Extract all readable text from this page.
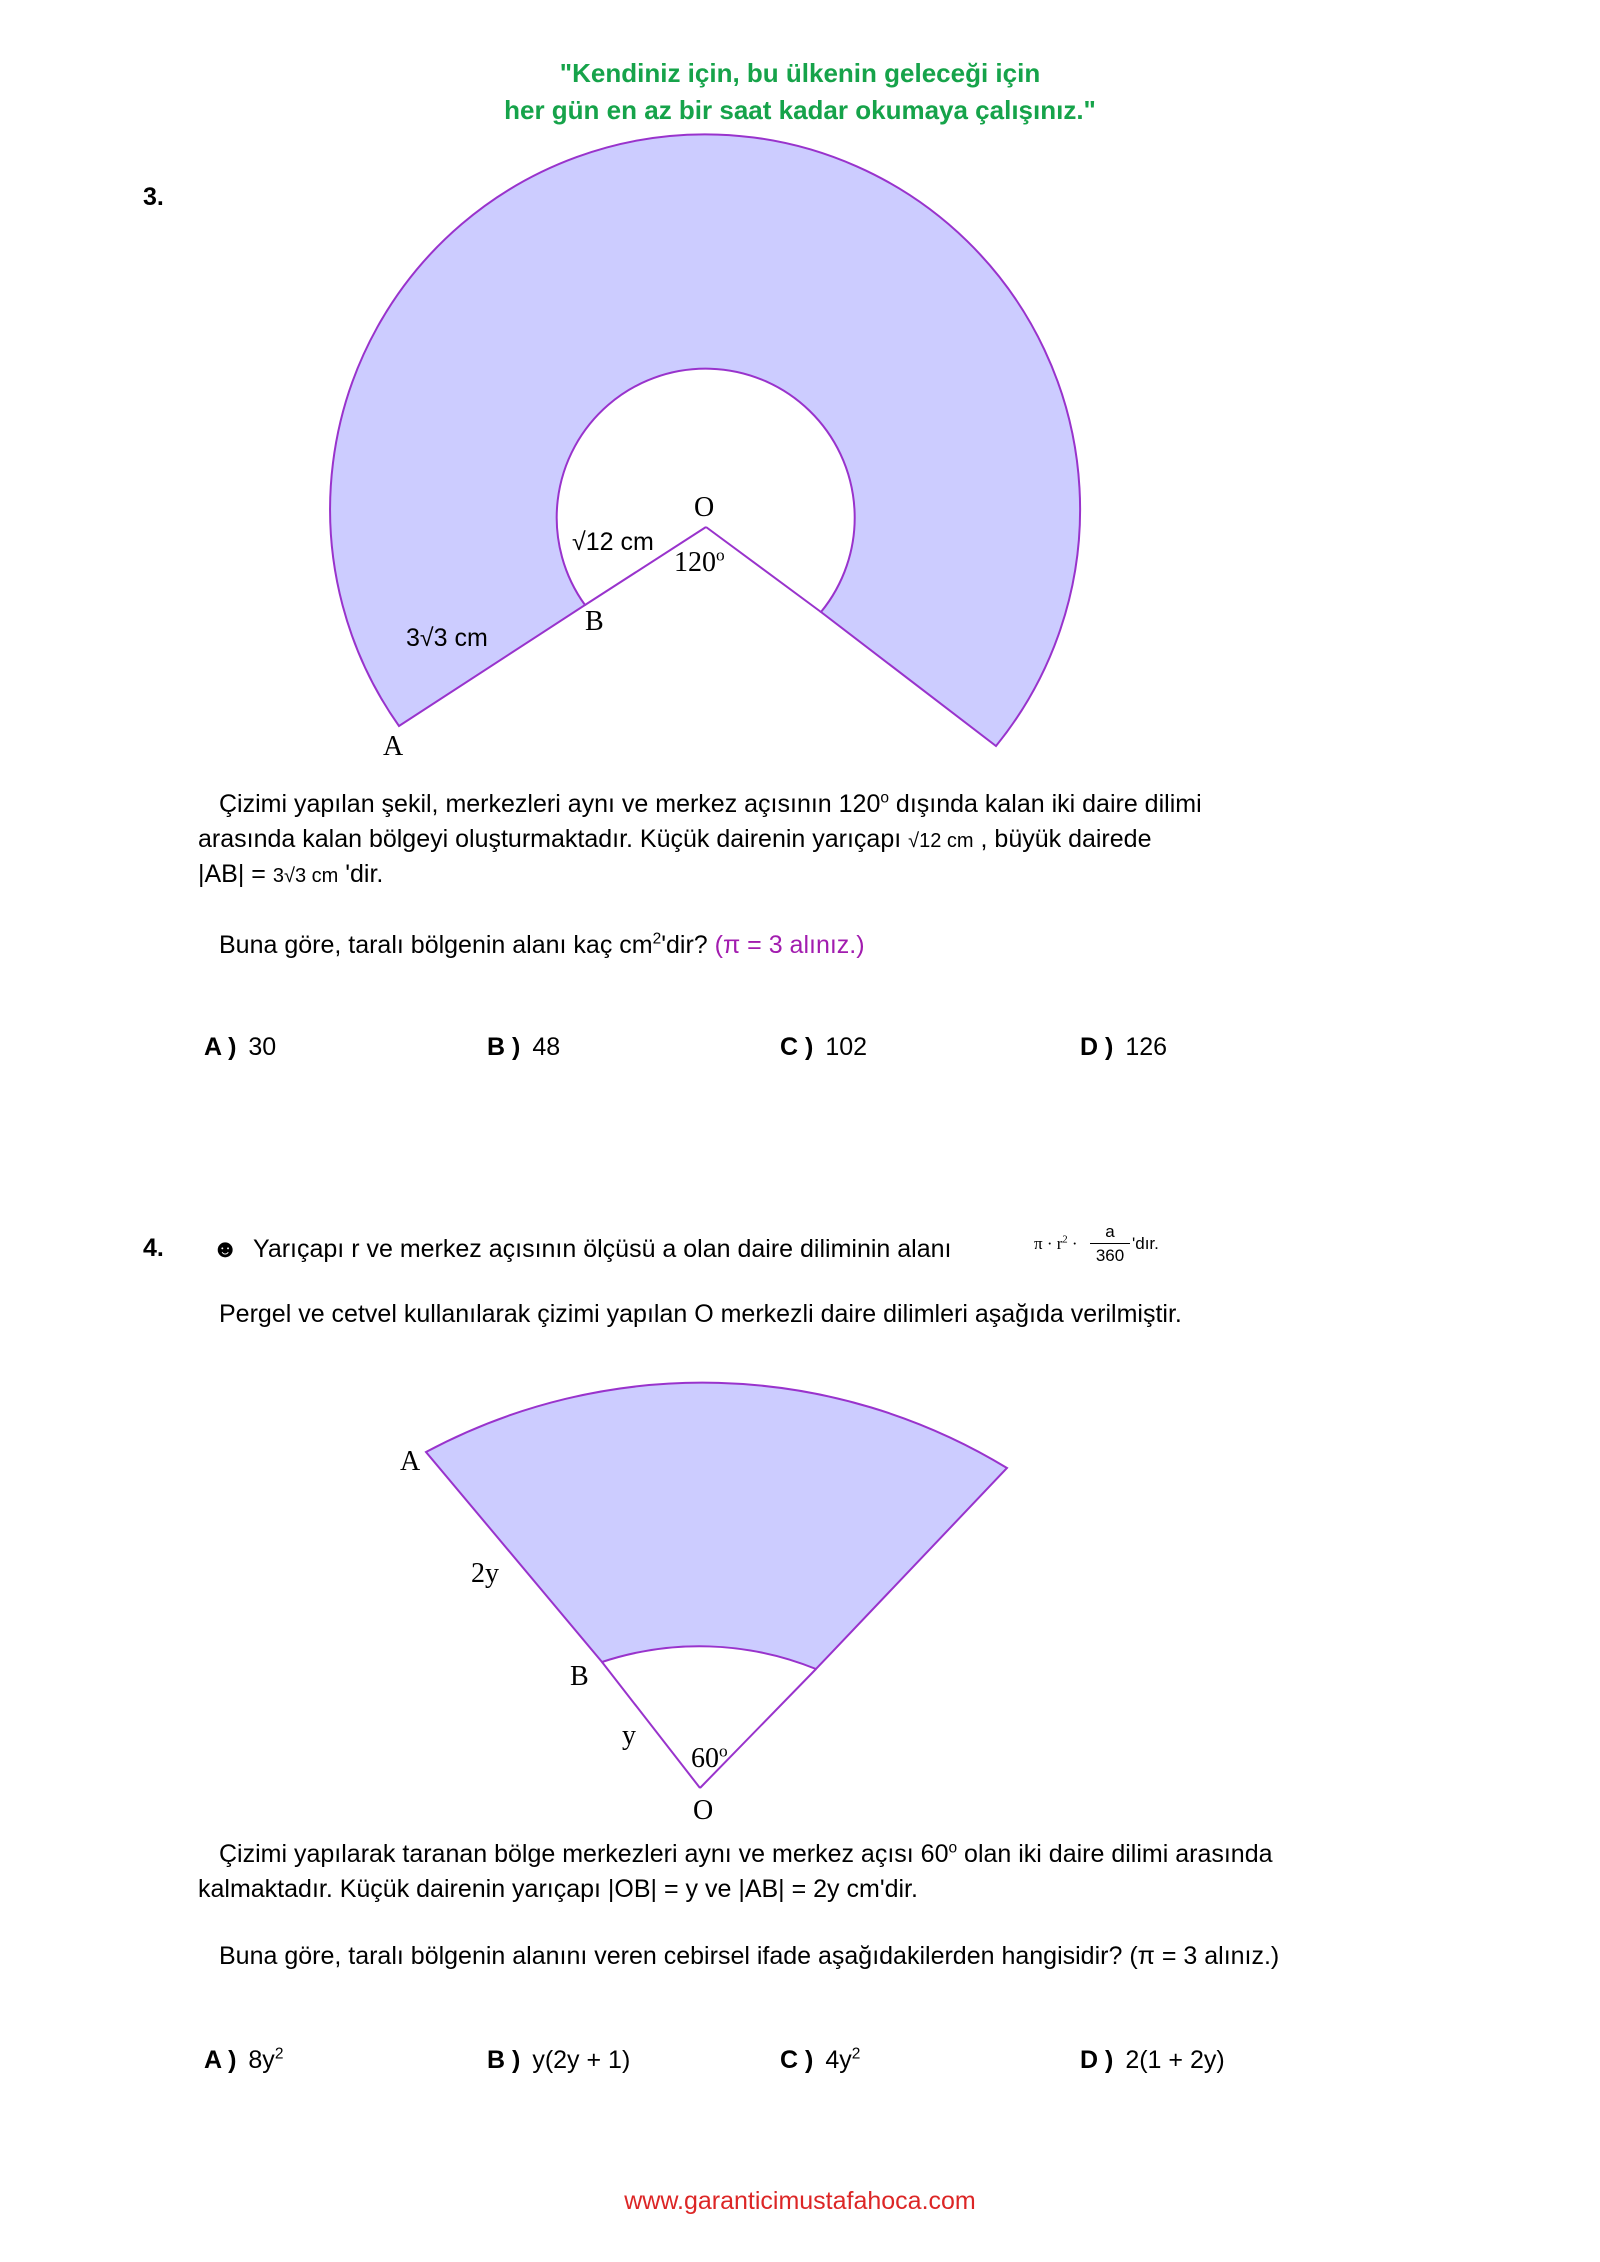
"Kendiniz için, bu ülkenin geleceği için
her gün en az bir saat kadar okumaya çalışınız."
3.
O
A
B
120$^o$
√12 cm
3√3 cm
Çizimi yapılan şekil, merkezleri aynı ve merkez açısının 120$^o$ dışında kalan iki daire dilimi
arasında kalan bölgeyi oluşturmaktadır. Küçük dairenin yarıçapı √12 cm , büyük dairede
|AB| = 3√3 cm 'dir.
Buna göre, taralı bölgenin alanı kaç $cm^2'dir$? (π = 3 alınız.)
A ) 30	B ) 48	C ) 102	D ) 126
4. ☻ Yarıçapı r ve merkez açısının ölçüsü a olan daire diliminin alanı	$\pi \cdot r^2$ ·
a
360
'dır.
Pergel ve cetvel kullanılarak çizimi yapılan O merkezli daire dilimleri aşağıda verilmiştir.
A
2y
B
y
60$^o$
O
Çizimi yapılarak taranan bölge merkezleri aynı ve merkez açısı 60$^o$ olan iki daire dilimi arasında
kalmaktadır. Küçük dairenin yarıçapı |OB| = y ve |AB| = 2y cm'dir.
Buna göre, taralı bölgenin alanını veren cebirsel ifade aşağıdakilerden hangisidir? (π = 3 alınız.)
A ) $8y^2$	B ) y(2y + 1)	C ) $4y^2$	D ) 2(1 + 2y)
www.garanticimustafahoca.com
